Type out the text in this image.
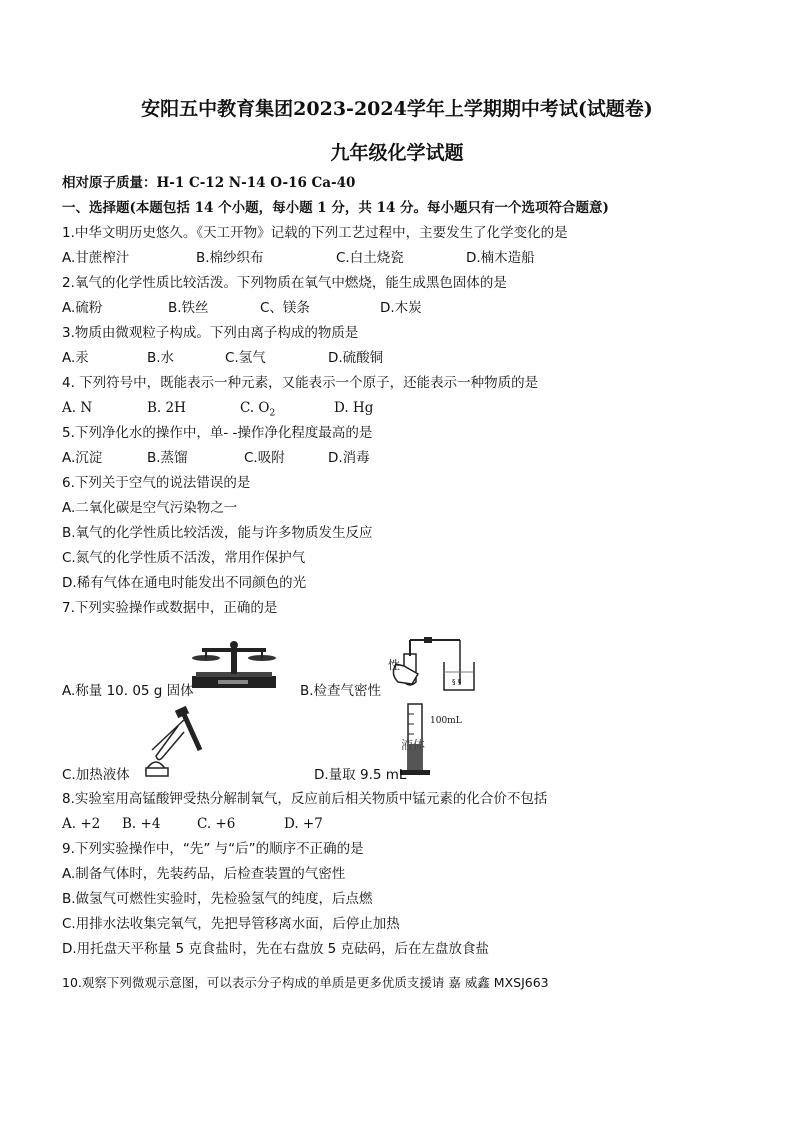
安阳五中教育集团2023-2024学年上学期期中考试(试题卷)
九年级化学试题
相对原子质量：H-1 C-12 N-14 O-16 Ca-40
一、选择题(本题包括 14 个小题，每小题 1 分，共 14 分。每小题只有一个选项符合题意)
1.中华文明历史悠久。《天工开物》记载的下列工艺过程中，主要发生了化学变化的是
A.甘蔗榨汁	B.棉纱织布	C.白土烧瓷	D.楠木造船
2.氧气的化学性质比较活泼。下列物质在氧气中燃烧，能生成黑色固体的是
A.硫粉	B.铁丝	C、镁条	D.木炭
3.物质由微观粒子构成。下列由离子构成的物质是
A.汞	B.水	C.氢气	D.硫酸铜
4. 下列符号中，既能表示一种元素，又能表示一个原子，还能表示一种物质的是
A. N	B. 2H	C. $O_2$	D. Hg
5.下列净化水的操作中，单- -操作净化程度最高的是
A.沉淀	B.蒸馏	C.吸附	D.消毒
6.下列关于空气的说法错误的是
A.二氧化碳是空气污染物之一
B.氧气的化学性质比较活泼，能与许多物质发生反应
C.氮气的化学性质不活泼，常用作保护气
D.稀有气体在通电时能发出不同颜色的光
7.下列实验操作或数据中，正确的是
A.称量 10. 05 g 固体
§ §
性
B.检查气密性
C.加热液体
100mL
液体
D.量取 9.5 mL
8.实验室用高锰酸钾受热分解制氧气，反应前后相关物质中锰元素的化合价不包括
A. +2 B. +4	C. +6	D. +7
9.下列实验操作中，“先” 与“后”的顺序不正确的是
A.制备气体时，先装药品，后检查装置的气密性
B.做氢气可燃性实验时，先检验氢气的纯度，后点燃
C.用排水法收集完氧气，先把导管移离水面，后停止加热
D.用托盘天平称量 5 克食盐时，先在右盘放 5 克砝码，后在左盘放食盐
10.观察下列微观示意图，可以表示分子构成的单质是更多优质支援请 嘉 威鑫 MXSJ663
